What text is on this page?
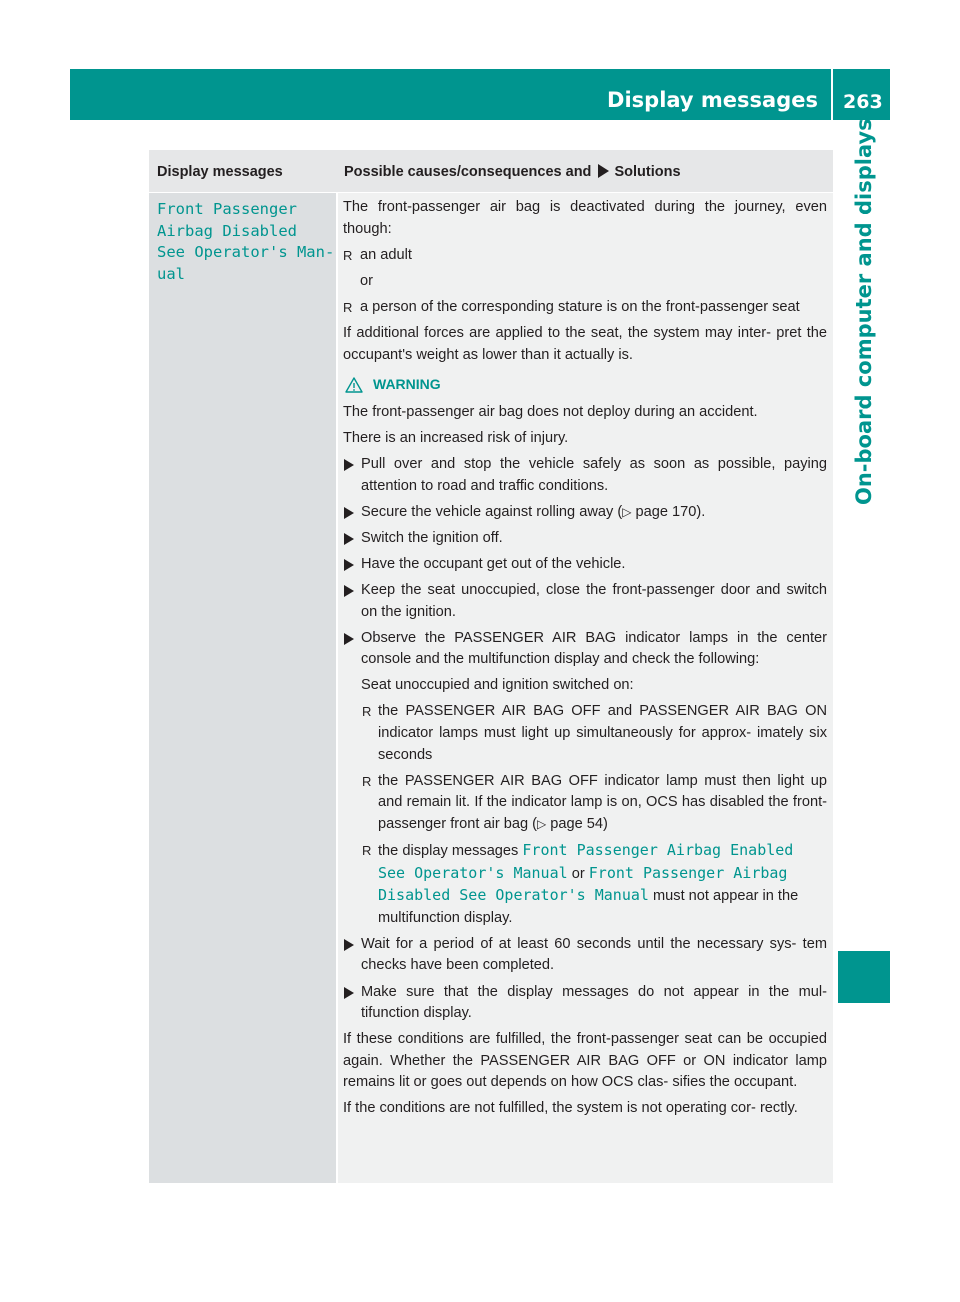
Display messages 263
On-board computer and displays
Display messages	Possible causes/consequences and Solutions
Front Passenger
Airbag Disabled
See Operator's Man‐
ual

The front-passenger air bag is deactivated during the journey, even though:

R an adult
or
R a person of the corresponding stature is on the front-passenger seat

If additional forces are applied to the seat, the system may inter- pret the occupant's weight as lower than it actually is.

WARNING

The front-passenger air bag does not deploy during an accident.

There is an increased risk of injury.

Pull over and stop the vehicle safely as soon as possible, paying attention to road and traffic conditions.
Secure the vehicle against rolling away (▷ page 170).
Switch the ignition off.
Have the occupant get out of the vehicle.
Keep the seat unoccupied, close the front-passenger door and switch on the ignition.
Observe the PASSENGER AIR BAG indicator lamps in the center console and the multifunction display and check the following:
Seat unoccupied and ignition switched on:
R the PASSENGER AIR BAG OFF and PASSENGER AIR BAG ON indicator lamps must light up simultaneously for approx- imately six seconds
R the PASSENGER AIR BAG OFF indicator lamp must then light up and remain lit. If the indicator lamp is on, OCS has disabled the front-passenger front air bag (▷ page 54)
R the display messages Front Passenger Airbag Enabled See Operator's Manual or Front Passenger Airbag Disabled See Operator's Manual must not appear in the multifunction display.
Wait for a period of at least 60 seconds until the necessary sys- tem checks have been completed.
Make sure that the display messages do not appear in the mul- tifunction display.

If these conditions are fulfilled, the front-passenger seat can be occupied again. Whether the PASSENGER AIR BAG OFF or ON indicator lamp remains lit or goes out depends on how OCS clas- sifies the occupant.

If the conditions are not fulfilled, the system is not operating cor- rectly.
